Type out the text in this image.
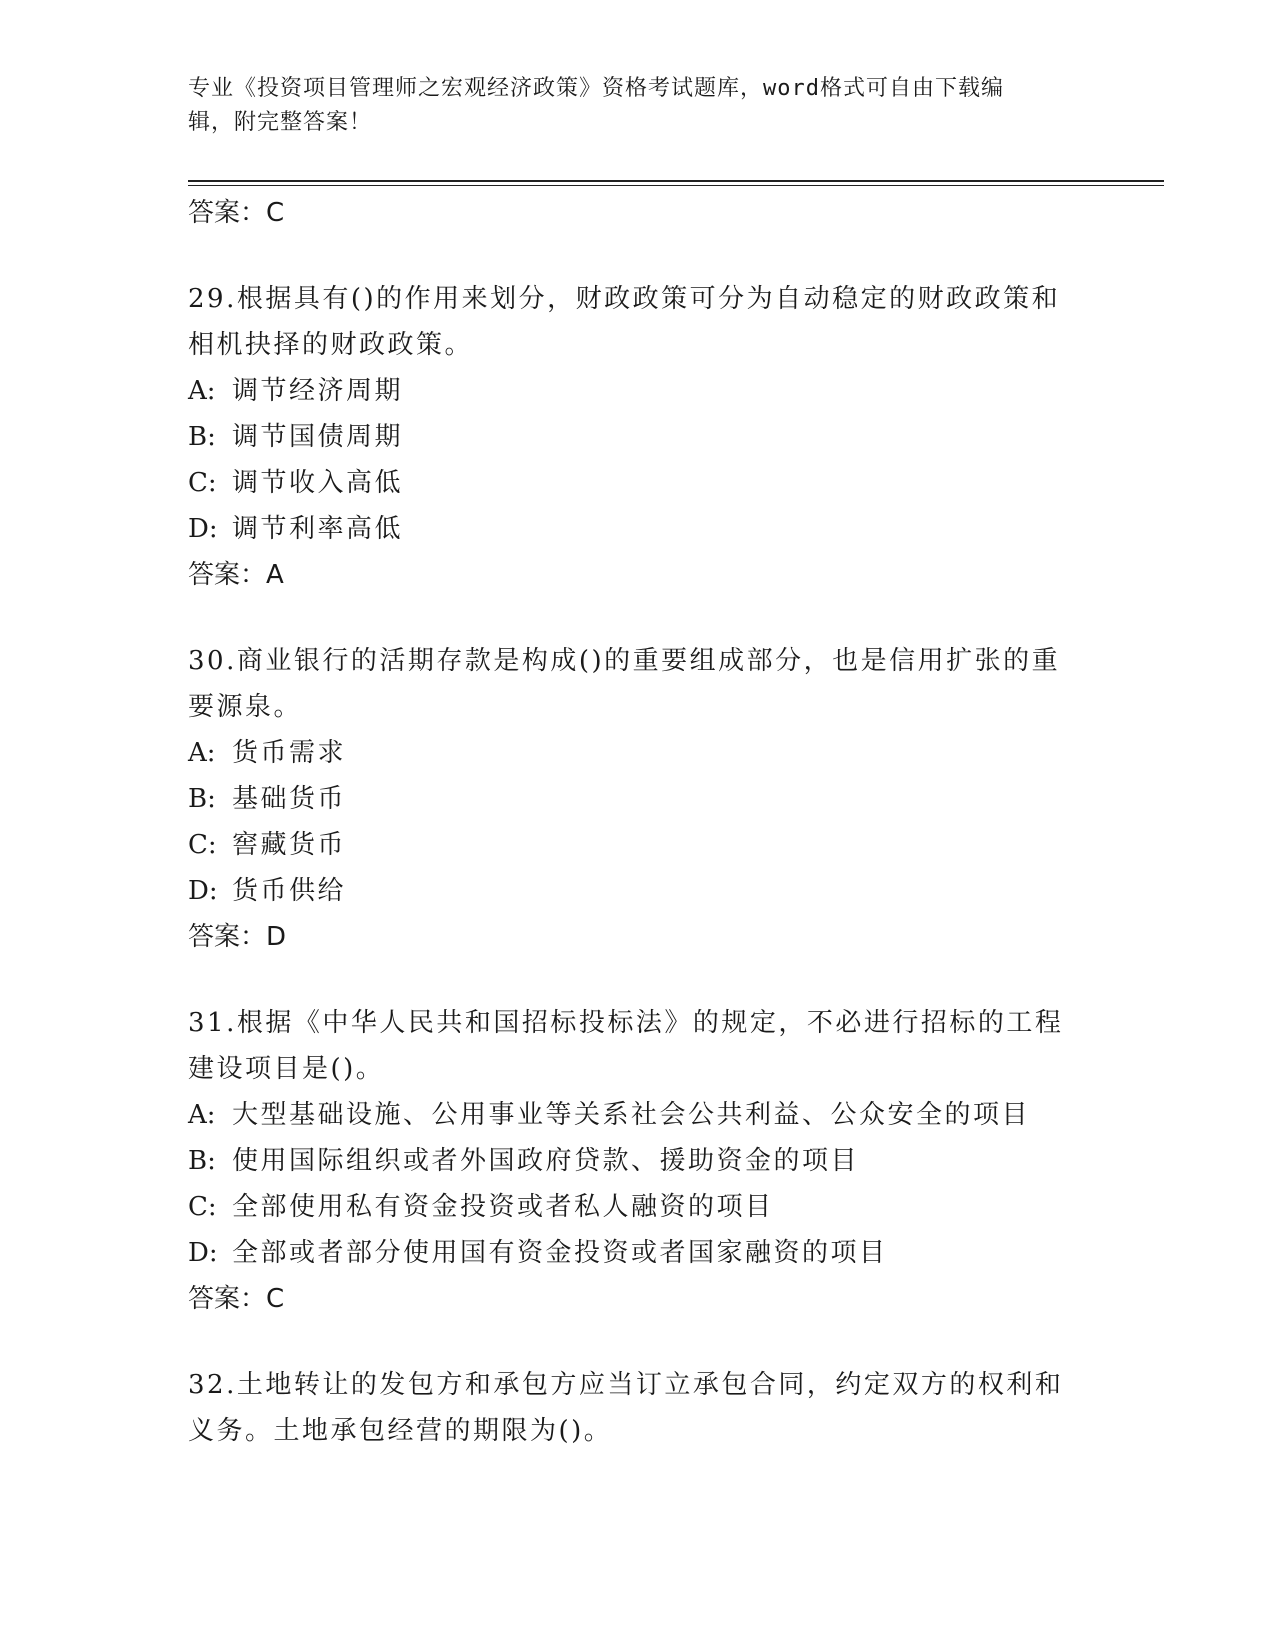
专业《投资项目管理师之宏观经济政策》资格考试题库，word格式可自由下载编
辑，附完整答案！
答案：C
29.根据具有()的作用来划分，财政政策可分为自动稳定的财政政策和相机抉择的财政政策。
A: 调节经济周期
B: 调节国债周期
C: 调节收入高低
D: 调节利率高低
答案：A
30.商业银行的活期存款是构成()的重要组成部分，也是信用扩张的重要源泉。
A: 货币需求
B: 基础货币
C: 窖藏货币
D: 货币供给
答案：D
31.根据《中华人民共和国招标投标法》的规定，不必进行招标的工程建设项目是()。
A: 大型基础设施、公用事业等关系社会公共利益、公众安全的项目
B: 使用国际组织或者外国政府贷款、援助资金的项目
C: 全部使用私有资金投资或者私人融资的项目
D: 全部或者部分使用国有资金投资或者国家融资的项目
答案：C
32.土地转让的发包方和承包方应当订立承包合同，约定双方的权利和义务。土地承包经营的期限为()。
